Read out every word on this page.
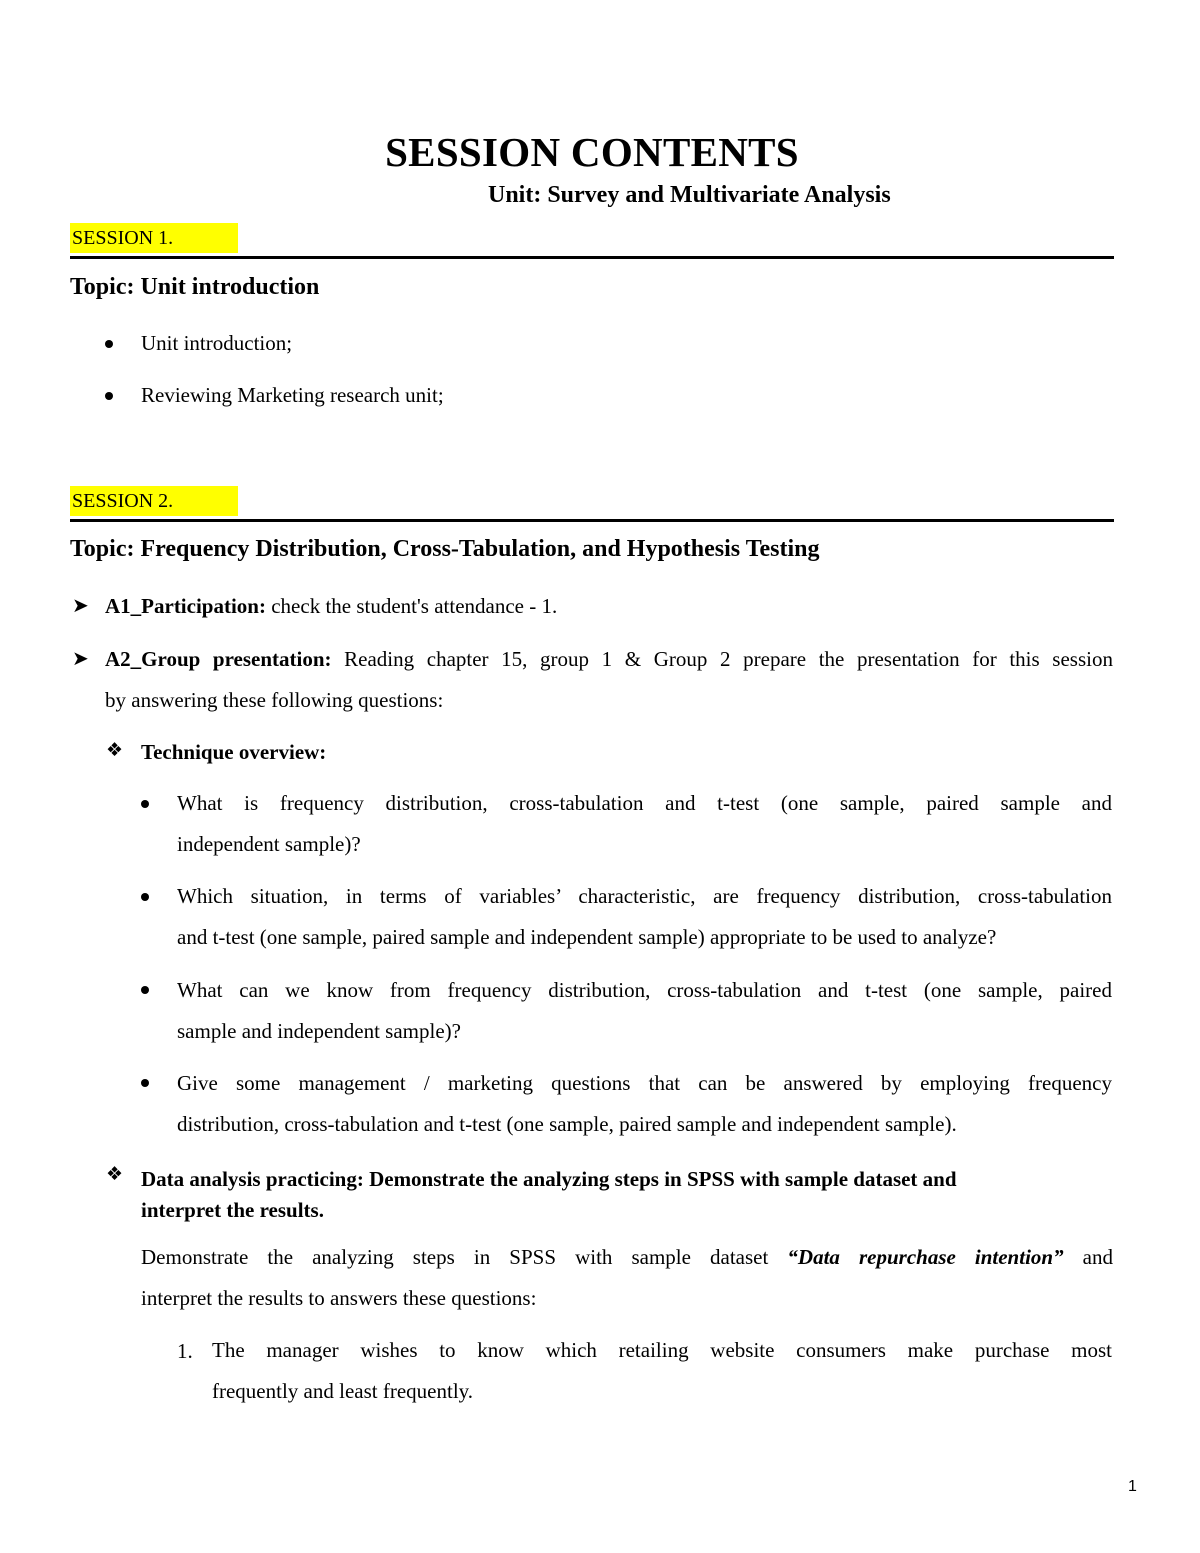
SESSION CONTENTS
Unit: Survey and Multivariate Analysis
SESSION 1.
Topic: Unit introduction
Unit introduction;
Reviewing Marketing research unit;
SESSION 2.
Topic: Frequency Distribution, Cross-Tabulation, and Hypothesis Testing
➤ A1_Participation: check the student's attendance - 1.
➤ A2_Group presentation: Reading chapter 15, group 1 & Group 2 prepare the presentation for this session
by answering these following questions:
❖ Technique overview:
What is frequency distribution, cross-tabulation and t-test (one sample, paired sample and
independent sample)?
Which situation, in terms of variables’ characteristic, are frequency distribution, cross-tabulation
and t-test (one sample, paired sample and independent sample) appropriate to be used to analyze?
What can we know from frequency distribution, cross-tabulation and t-test (one sample, paired
sample and independent sample)?
Give some management / marketing questions that can be answered by employing frequency
distribution, cross-tabulation and t-test (one sample, paired sample and independent sample).
❖ Data analysis practicing: Demonstrate the analyzing steps in SPSS with sample dataset and
interpret the results.
Demonstrate the analyzing steps in SPSS with sample dataset “Data repurchase intention” and
interpret the results to answers these questions:
1. The manager wishes to know which retailing website consumers make purchase most
frequently and least frequently.
1
